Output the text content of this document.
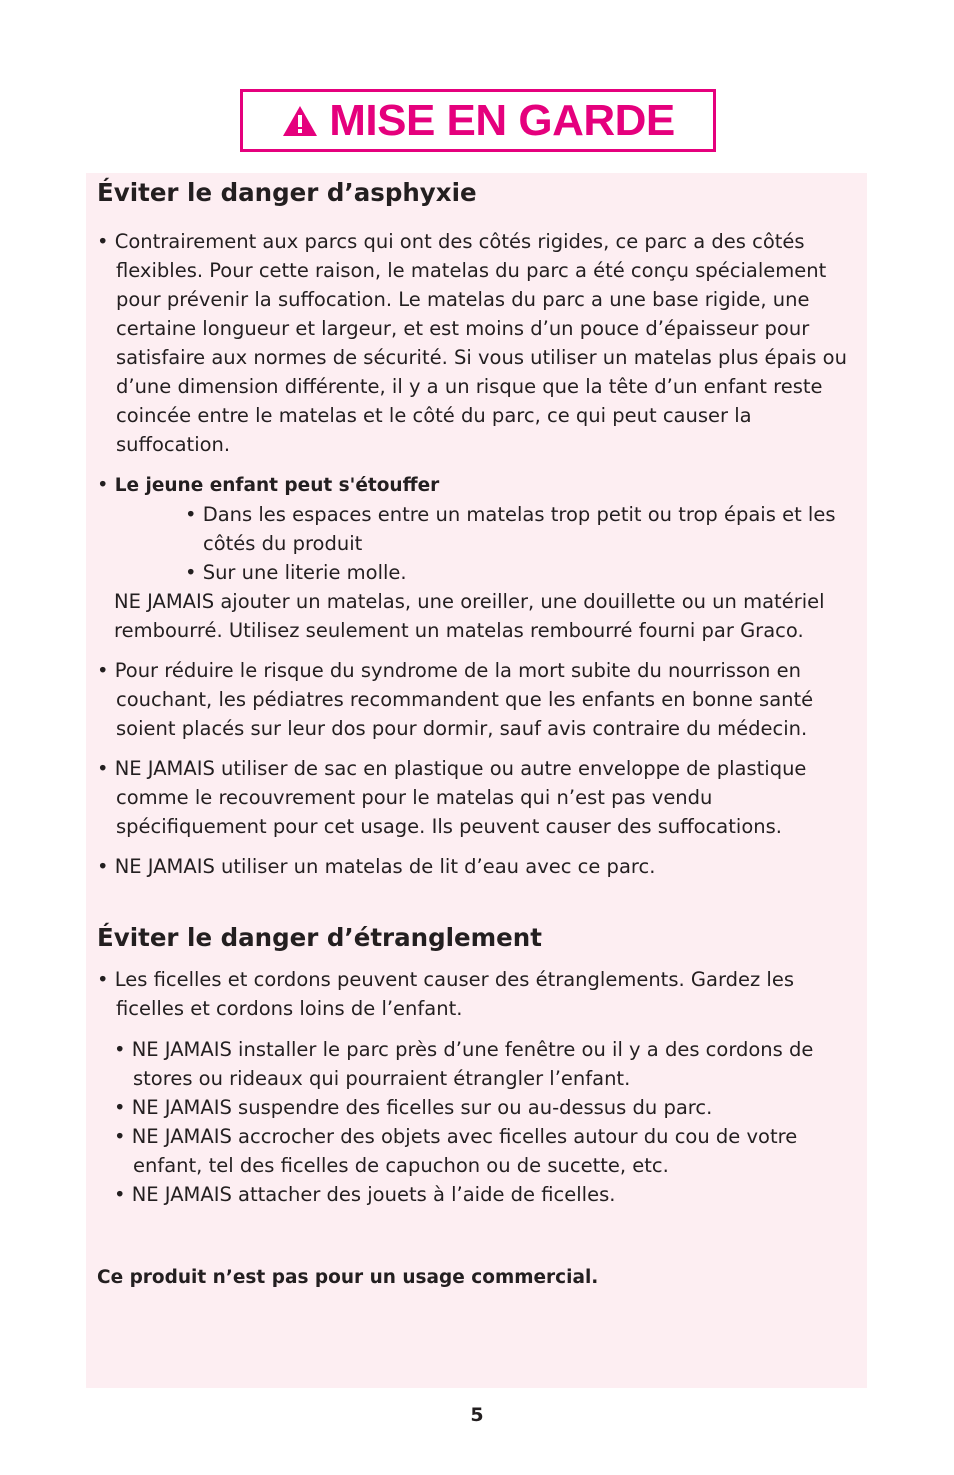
MISE EN GARDE
Éviter le danger d’asphyxie

• Contrairement aux parcs qui ont des côtés rigides, ce parc a des côtés flexibles. Pour cette raison, le matelas du parc a été conçu spécialement pour prévenir la suffocation. Le matelas du parc a une base rigide, une certaine longueur et largeur, et est moins d’un pouce d’épaisseur pour satisfaire aux normes de sécurité. Si vous utiliser un matelas plus épais ou d’une dimension différente, il y a un risque que la tête d’un enfant reste coincée entre le matelas et le côté du parc, ce qui peut causer la suffocation.

• Le jeune enfant peut s'étouffer

• Dans les espaces entre un matelas trop petit ou trop épais et les côtés du produit

• Sur une literie molle.

NE JAMAIS ajouter un matelas, une oreiller, une douillette ou un matériel rembourré. Utilisez seulement un matelas rembourré fourni par Graco.

• Pour réduire le risque du syndrome de la mort subite du nourrisson en couchant, les pédiatres recommandent que les enfants en bonne santé soient placés sur leur dos pour dormir, sauf avis contraire du médecin.

• NE JAMAIS utiliser de sac en plastique ou autre enveloppe de plastique comme le recouvrement pour le matelas qui n’est pas vendu spécifiquement pour cet usage. Ils peuvent causer des suffocations.

• NE JAMAIS utiliser un matelas de lit d’eau avec ce parc.

Éviter le danger d’étranglement

• Les ficelles et cordons peuvent causer des étranglements. Gardez les ficelles et cordons loins de l’enfant.

• NE JAMAIS installer le parc près d’une fenêtre ou il y a des cordons de stores ou rideaux qui pourraient étrangler l’enfant.

• NE JAMAIS suspendre des ficelles sur ou au-dessus du parc.

• NE JAMAIS accrocher des objets avec ficelles autour du cou de votre enfant, tel des ficelles de capuchon ou de sucette, etc.

• NE JAMAIS attacher des jouets à l’aide de ficelles.

Ce produit n’est pas pour un usage commercial.

5
